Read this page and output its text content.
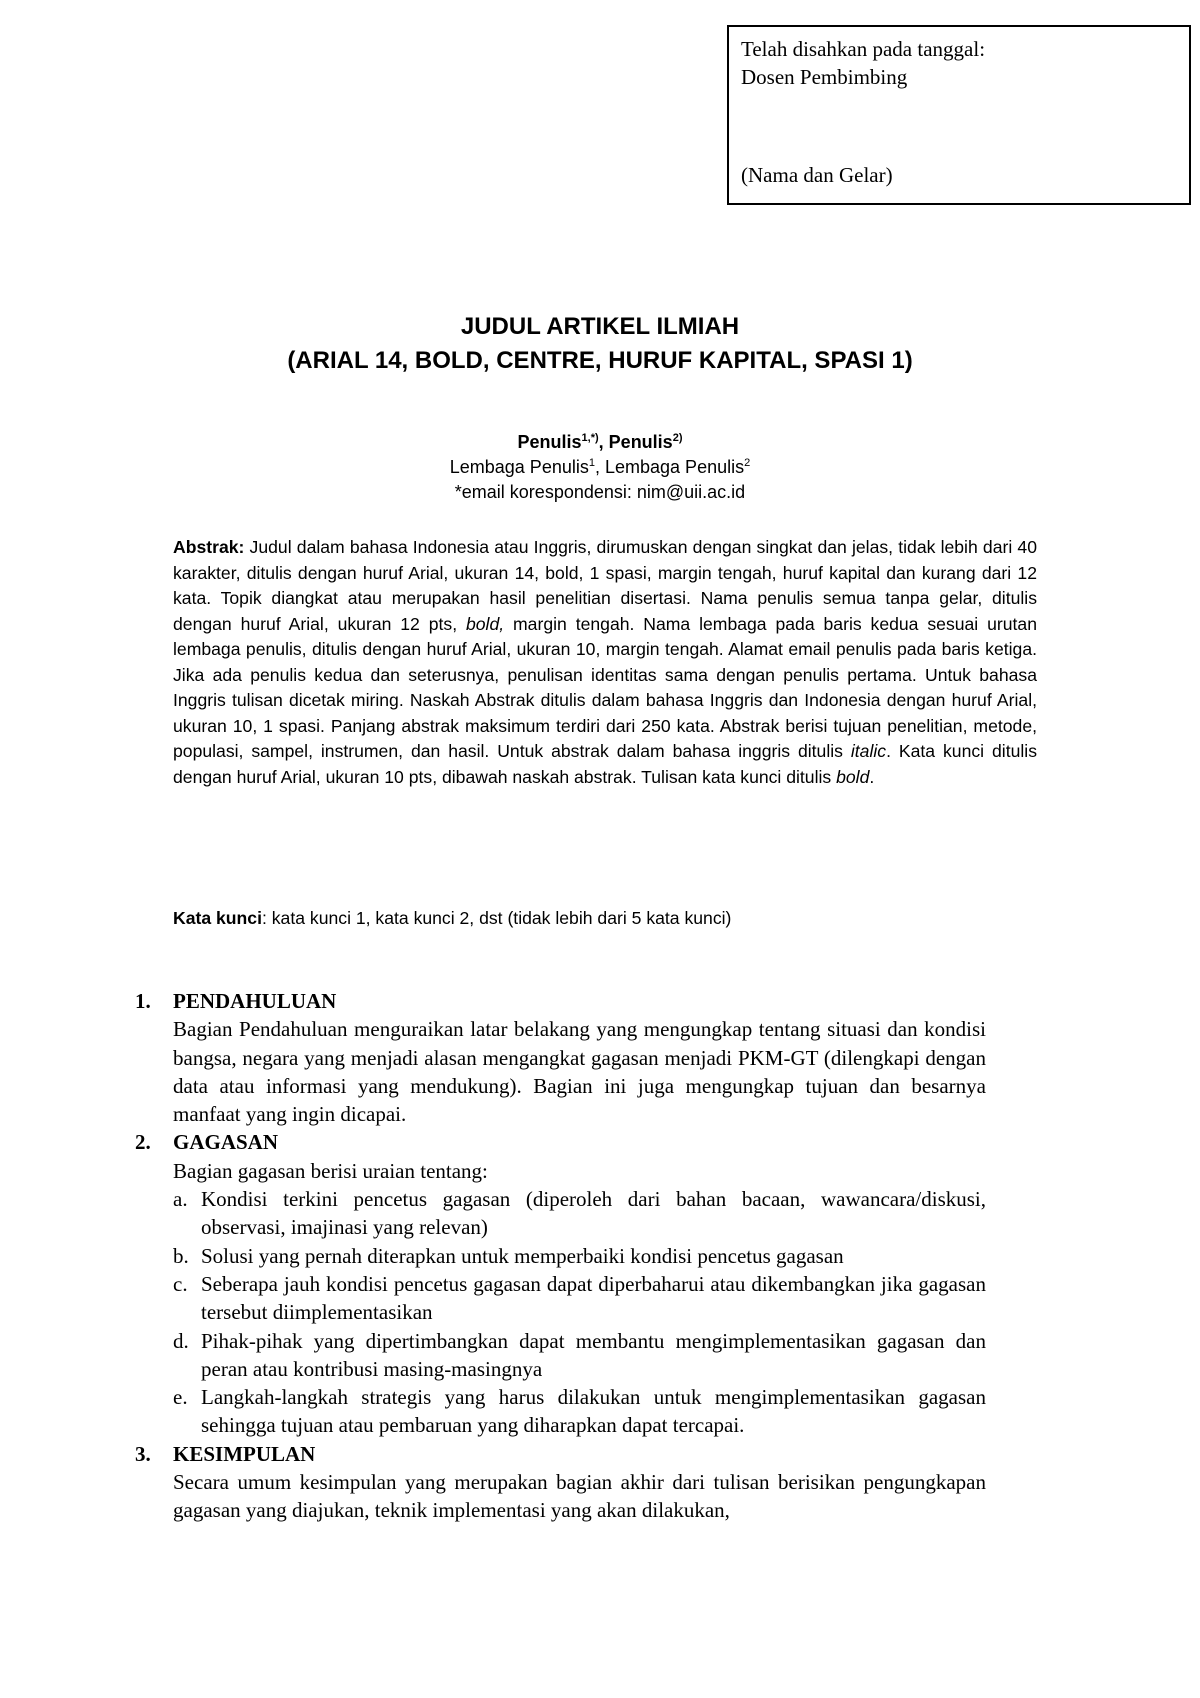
Telah disahkan pada tanggal:
Dosen Pembimbing
(Nama dan Gelar)
JUDUL ARTIKEL ILMIAH
(ARIAL 14, BOLD, CENTRE, HURUF KAPITAL, SPASI 1)
Penulis$^{1,*)}$, Penulis$^{2)}$
Lembaga Penulis$^1$, Lembaga Penulis$^2$
*email korespondensi: nim@uii.ac.id
Abstrak: Judul dalam bahasa Indonesia atau Inggris, dirumuskan dengan singkat dan jelas, tidak lebih dari 40 karakter, ditulis dengan huruf Arial, ukuran 14, bold, 1 spasi, margin tengah, huruf kapital dan kurang dari 12 kata. Topik diangkat atau merupakan hasil penelitian disertasi. Nama penulis semua tanpa gelar, ditulis dengan huruf Arial, ukuran 12 pts, bold, margin tengah. Nama lembaga pada baris kedua sesuai urutan lembaga penulis, ditulis dengan huruf Arial, ukuran 10, margin tengah. Alamat email penulis pada baris ketiga. Jika ada penulis kedua dan seterusnya, penulisan identitas sama dengan penulis pertama. Untuk bahasa Inggris tulisan dicetak miring. Naskah Abstrak ditulis dalam bahasa Inggris dan Indonesia dengan huruf Arial, ukuran 10, 1 spasi. Panjang abstrak maksimum terdiri dari 250 kata. Abstrak berisi tujuan penelitian, metode, populasi, sampel, instrumen, dan hasil. Untuk abstrak dalam bahasa inggris ditulis italic. Kata kunci ditulis dengan huruf Arial, ukuran 10 pts, dibawah naskah abstrak. Tulisan kata kunci ditulis bold.
Kata kunci: kata kunci 1, kata kunci 2, dst (tidak lebih dari 5 kata kunci)
1. PENDAHULUAN
Bagian Pendahuluan menguraikan latar belakang yang mengungkap tentang situasi dan kondisi bangsa, negara yang menjadi alasan mengangkat gagasan menjadi PKM-GT (dilengkapi dengan data atau informasi yang mendukung). Bagian ini juga mengungkap tujuan dan besarnya manfaat yang ingin dicapai.
2. GAGASAN
Bagian gagasan berisi uraian tentang:
a. Kondisi terkini pencetus gagasan (diperoleh dari bahan bacaan, wawancara/diskusi, observasi, imajinasi yang relevan)
b. Solusi yang pernah diterapkan untuk memperbaiki kondisi pencetus gagasan
c. Seberapa jauh kondisi pencetus gagasan dapat diperbaharui atau dikembangkan jika gagasan tersebut diimplementasikan
d. Pihak-pihak yang dipertimbangkan dapat membantu mengimplementasikan gagasan dan peran atau kontribusi masing-masingnya
e. Langkah-langkah strategis yang harus dilakukan untuk mengimplementasikan gagasan sehingga tujuan atau pembaruan yang diharapkan dapat tercapai.
3. KESIMPULAN
Secara umum kesimpulan yang merupakan bagian akhir dari tulisan berisikan pengungkapan gagasan yang diajukan, teknik implementasi yang akan dilakukan,
